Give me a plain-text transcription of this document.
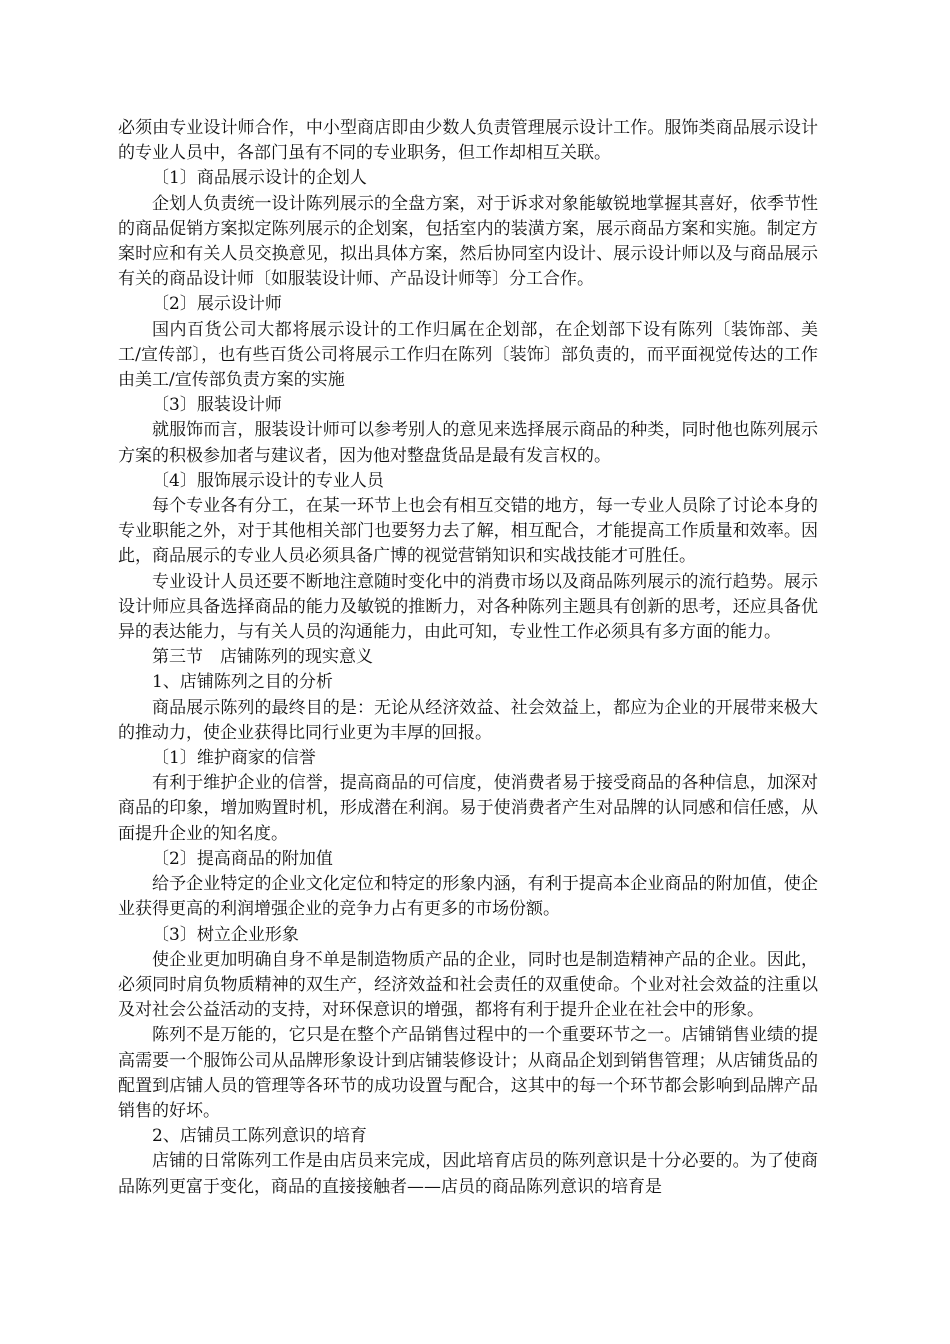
必须由专业设计师合作，中小型商店即由少数人负责管理展示设计工作。服饰类商品展示设计的专业人员中，各部门虽有不同的专业职务，但工作却相互关联。

〔1〕商品展示设计的企划人

企划人负责统一设计陈列展示的全盘方案，对于诉求对象能敏锐地掌握其喜好，依季节性的商品促销方案拟定陈列展示的企划案，包括室内的装潢方案，展示商品方案和实施。制定方案时应和有关人员交换意见，拟出具体方案，然后协同室内设计、展示设计师以及与商品展示有关的商品设计师〔如服装设计师、产品设计师等〕分工合作。

〔2〕展示设计师

国内百货公司大都将展示设计的工作归属在企划部，在企划部下设有陈列〔装饰部、美工/宣传部〕，也有些百货公司将展示工作归在陈列〔装饰〕部负责的，而平面视觉传达的工作由美工/宣传部负责方案的实施

〔3〕服装设计师

就服饰而言，服装设计师可以参考别人的意见来选择展示商品的种类，同时他也陈列展示方案的积极参加者与建议者，因为他对整盘货品是最有发言权的。

〔4〕服饰展示设计的专业人员

每个专业各有分工，在某一环节上也会有相互交错的地方，每一专业人员除了讨论本身的专业职能之外，对于其他相关部门也要努力去了解，相互配合，才能提高工作质量和效率。因此，商品展示的专业人员必须具备广博的视觉营销知识和实战技能才可胜任。

专业设计人员还要不断地注意随时变化中的消费市场以及商品陈列展示的流行趋势。展示设计师应具备选择商品的能力及敏锐的推断力，对各种陈列主题具有创新的思考，还应具备优异的表达能力，与有关人员的沟通能力，由此可知，专业性工作必须具有多方面的能力。

第三节　店铺陈列的现实意义

1、店铺陈列之目的分析

商品展示陈列的最终目的是：无论从经济效益、社会效益上，都应为企业的开展带来极大的推动力，使企业获得比同行业更为丰厚的回报。

〔1〕维护商家的信誉

有利于维护企业的信誉，提高商品的可信度，使消费者易于接受商品的各种信息，加深对商品的印象，增加购置时机，形成潜在利润。易于使消费者产生对品牌的认同感和信任感，从面提升企业的知名度。

〔2〕提高商品的附加值

给予企业特定的企业文化定位和特定的形象内涵，有利于提高本企业商品的附加值，使企业获得更高的利润增强企业的竞争力占有更多的市场份额。

〔3〕树立企业形象

使企业更加明确自身不单是制造物质产品的企业，同时也是制造精神产品的企业。因此，必须同时肩负物质精神的双生产，经济效益和社会责任的双重使命。个业对社会效益的注重以及对社会公益活动的支持，对环保意识的增强，都将有利于提升企业在社会中的形象。

陈列不是万能的，它只是在整个产品销售过程中的一个重要环节之一。店铺销售业绩的提高需要一个服饰公司从品牌形象设计到店铺装修设计；从商品企划到销售管理；从店铺货品的配置到店铺人员的管理等各环节的成功设置与配合，这其中的每一个环节都会影响到品牌产品销售的好坏。

2、店铺员工陈列意识的培育

店铺的日常陈列工作是由店员来完成，因此培育店员的陈列意识是十分必要的。为了使商品陈列更富于变化，商品的直接接触者——店员的商品陈列意识的培育是
